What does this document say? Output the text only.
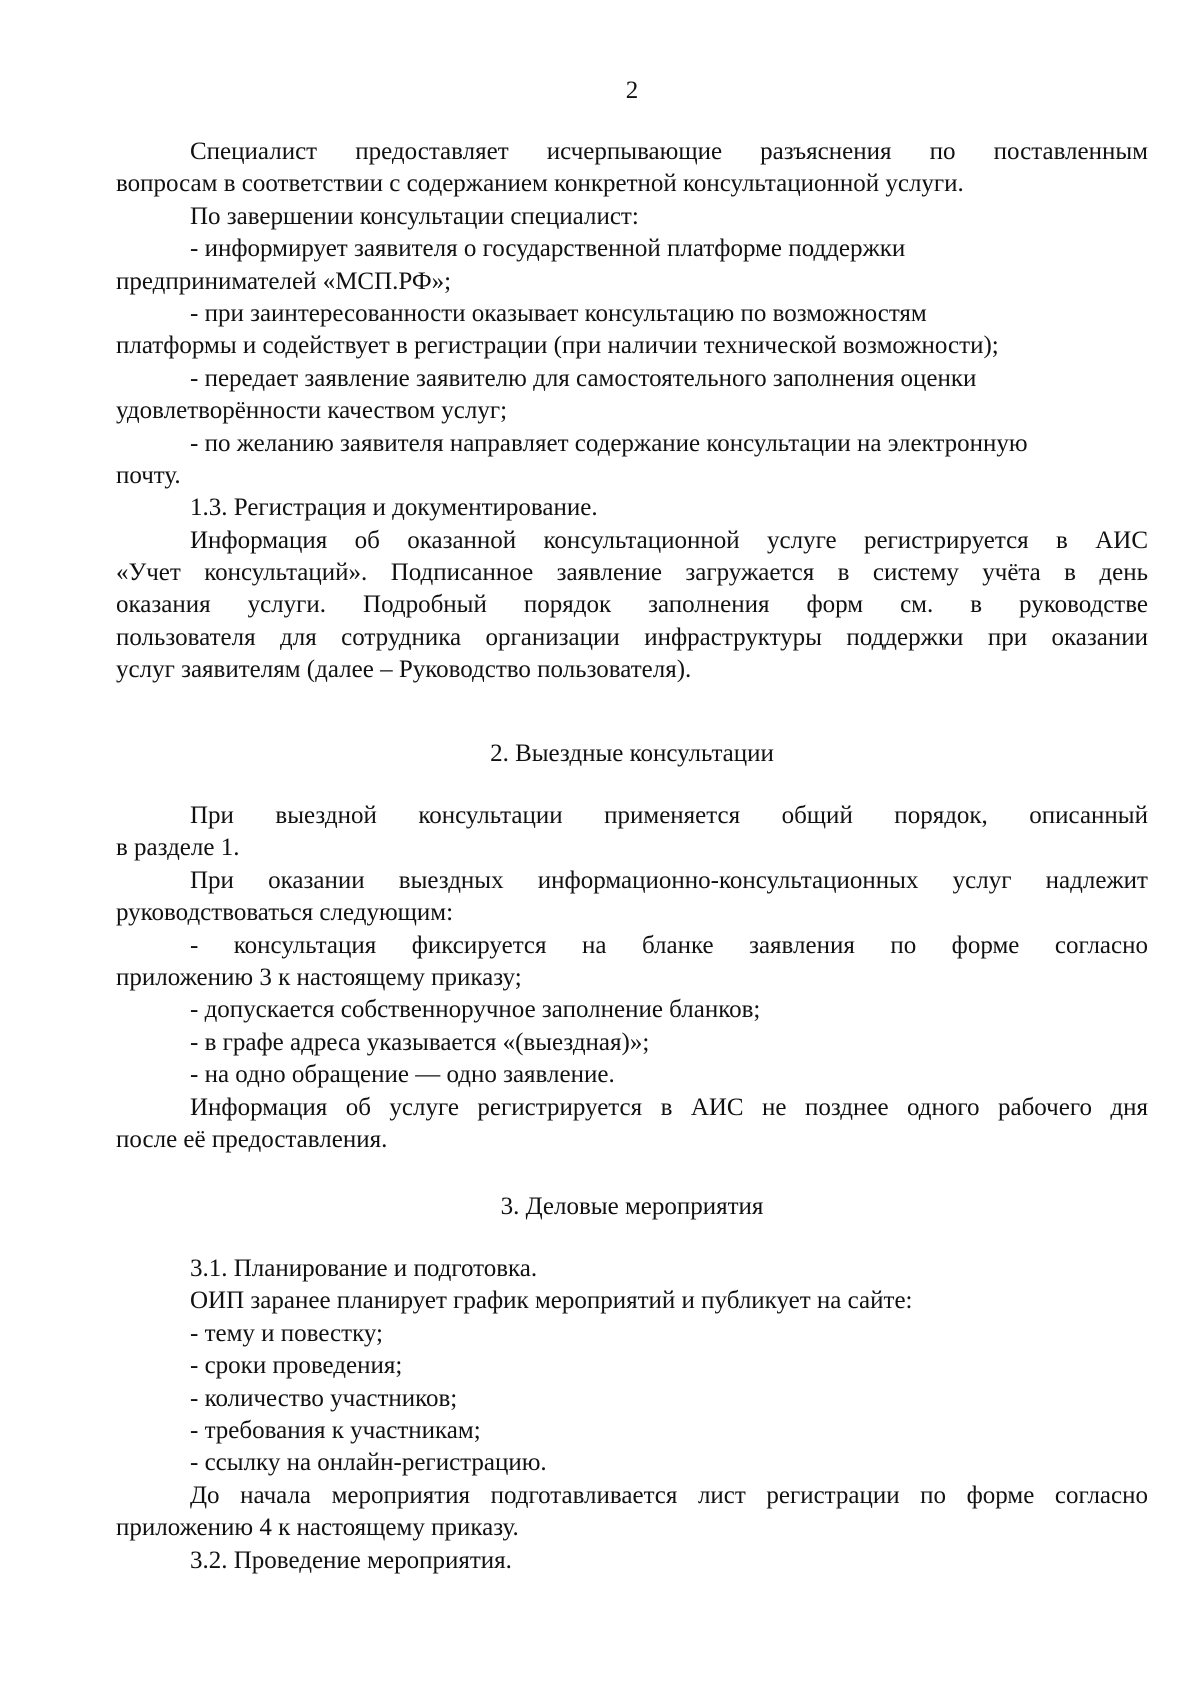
2
Специалист предоставляет исчерпывающие разъяснения по поставленным
вопросам в соответствии с содержанием конкретной консультационной услуги.
По завершении консультации специалист:
- информирует заявителя о государственной платформе поддержки
предпринимателей «МСП.РФ»;
- при заинтересованности оказывает консультацию по возможностям
платформы и содействует в регистрации (при наличии технической возможности);
- передает заявление заявителю для самостоятельного заполнения оценки
удовлетворённости качеством услуг;
- по желанию заявителя направляет содержание консультации на электронную
почту.
1.3. Регистрация и документирование.
Информация об оказанной консультационной услуге регистрируется в АИС
«Учет консультаций». Подписанное заявление загружается в систему учёта в день
оказания услуги. Подробный порядок заполнения форм см. в руководстве
пользователя для сотрудника организации инфраструктуры поддержки при оказании
услуг заявителям (далее – Руководство пользователя).
2. Выездные консультации
При выездной консультации применяется общий порядок, описанный
в разделе 1.
При оказании выездных информационно-консультационных услуг надлежит
руководствоваться следующим:
- консультация фиксируется на бланке заявления по форме согласно
приложению 3 к настоящему приказу;
- допускается собственноручное заполнение бланков;
- в графе адреса указывается «(выездная)»;
- на одно обращение — одно заявление.
Информация об услуге регистрируется в АИС не позднее одного рабочего дня
после её предоставления.
3. Деловые мероприятия
3.1. Планирование и подготовка.
ОИП заранее планирует график мероприятий и публикует на сайте:
- тему и повестку;
- сроки проведения;
- количество участников;
- требования к участникам;
- ссылку на онлайн-регистрацию.
До начала мероприятия подготавливается лист регистрации по форме согласно
приложению 4 к настоящему приказу.
3.2. Проведение мероприятия.
